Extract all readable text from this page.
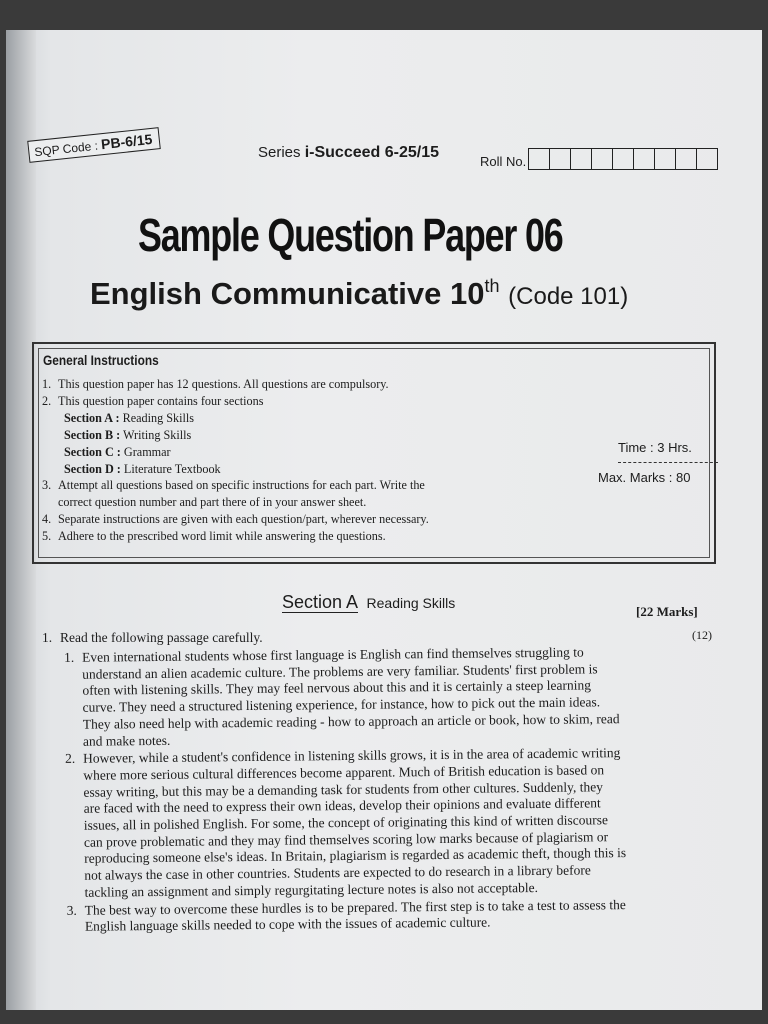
SQP Code : PB-6/15
Series i-Succeed 6-25/15
Roll No.
Sample Question Paper 06
English Communicative 10th (Code 101)
General Instructions
1. This question paper has 12 questions. All questions are compulsory.
2. This question paper contains four sections
Section A : Reading Skills
Section B : Writing Skills
Section C : Grammar
Section D : Literature Textbook
3. Attempt all questions based on specific instructions for each part. Write the
correct question number and part there of in your answer sheet.
4. Separate instructions are given with each question/part, wherever necessary.
5. Adhere to the prescribed word limit while answering the questions.
Time : 3 Hrs.
Max. Marks : 80
Section A Reading Skills
[22 Marks]
1. Read the following passage carefully.	(12)
1. Even international students whose first language is English can find themselves struggling to
understand an alien academic culture. The problems are very familiar. Students' first problem is
often with listening skills. They may feel nervous about this and it is certainly a steep learning
curve. They need a structured listening experience, for instance, how to pick out the main ideas.
They also need help with academic reading - how to approach an article or book, how to skim, read
and make notes.
2. However, while a student's confidence in listening skills grows, it is in the area of academic writing
where more serious cultural differences become apparent. Much of British education is based on
essay writing, but this may be a demanding task for students from other cultures. Suddenly, they
are faced with the need to express their own ideas, develop their opinions and evaluate different
issues, all in polished English. For some, the concept of originating this kind of written discourse
can prove problematic and they may find themselves scoring low marks because of plagiarism or
reproducing someone else's ideas. In Britain, plagiarism is regarded as academic theft, though this is
not always the case in other countries. Students are expected to do research in a library before
tackling an assignment and simply regurgitating lecture notes is also not acceptable.
3. The best way to overcome these hurdles is to be prepared. The first step is to take a test to assess the
English language skills needed to cope with the issues of academic culture.
